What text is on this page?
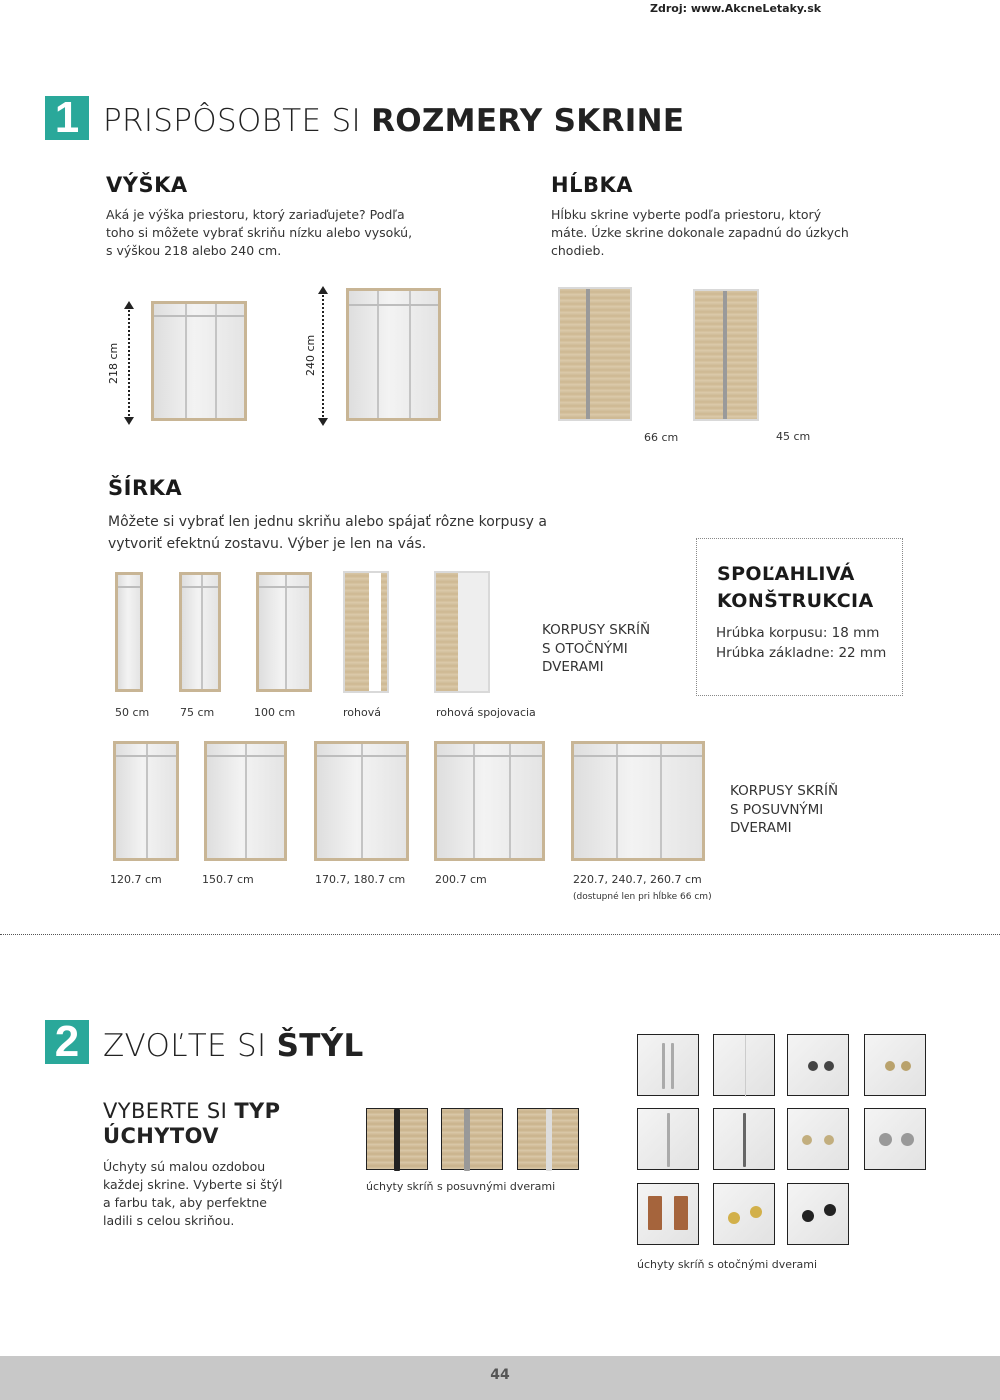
Zdroj: www.AkcneLetaky.sk
1 PRISPÔSOBTE SI ROZMERY SKRINE
VÝŠKA
Aká je výška priestoru, ktorý zariaďujete? Podľa toho si môžete vybrať skriňu nízku alebo vysokú, s výškou 218 alebo 240 cm.
218 cm	240 cm
HĹBKA
Hĺbku skrine vyberte podľa priestoru, ktorý máte. Úzke skrine dokonale zapadnú do úzkych chodieb.
66 cm	45 cm
ŠÍRKA
Môžete si vybrať len jednu skriňu alebo spájať rôzne korpusy a vytvoriť efektnú zostavu. Výber je len na vás.
50 cm	75 cm	100 cm	rohová	rohová spojovacia
KORPUSY SKRÍŇ S OTOČNÝMI DVERAMI
SPOĽAHLIVÁ KONŠTRUKCIA
Hrúbka korpusu: 18 mm
Hrúbka základne: 22 mm
120.7 cm	150.7 cm	170.7, 180.7 cm	200.7 cm	220.7, 240.7, 260.7 cm
(dostupné len pri hĺbke 66 cm)
KORPUSY SKRÍŇ S POSUVNÝMI DVERAMI
2 ZVOĽTE SI ŠTÝL
VYBERTE SI TYP
ÚCHYTOV
Úchyty sú malou ozdobou každej skrine. Vyberte si štýl a farbu tak, aby perfektne ladili s celou skriňou.
úchyty skríň s posuvnými dverami
úchyty skríň s otočnými dverami
44
